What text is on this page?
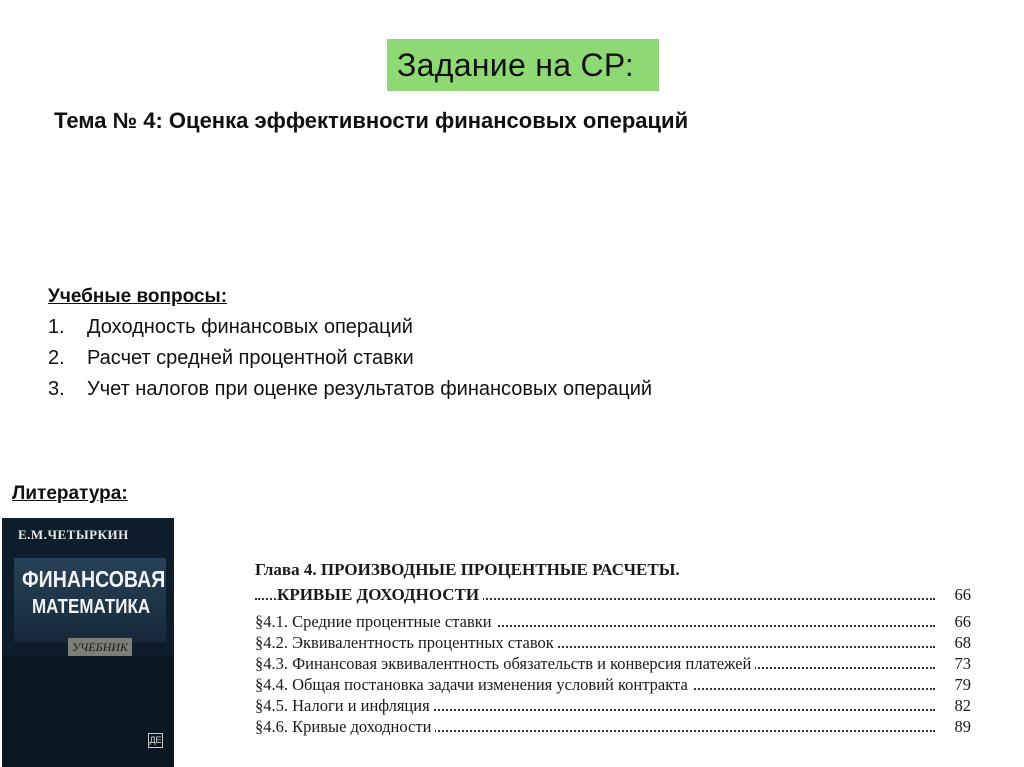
Задание на СР:
Тема № 4: Оценка эффективности финансовых операций
Учебные вопросы:
1.	Доходность финансовых операций
2.	Расчет средней процентной ставки
3.	Учет налогов при оценке результатов финансовых операций
Литература:
Е.М.ЧЕТЫРКИН
ФИНАНСОВАЯ
МАТЕМАТИКА
УЧЕБНИК
ДЕ
Глава 4. ПРОИЗВОДНЫЕ ПРОЦЕНТНЫЕ РАСЧЕТЫ.
КРИВЫЕ ДОХОДНОСТИ	66
§4.1. Средние процентные ставки	66
§4.2. Эквивалентность процентных ставок	68
§4.3. Финансовая эквивалентность обязательств и конверсия платежей	73
§4.4. Общая постановка задачи изменения условий контракта	79
§4.5. Налоги и инфляция	82
§4.6. Кривые доходности	89
